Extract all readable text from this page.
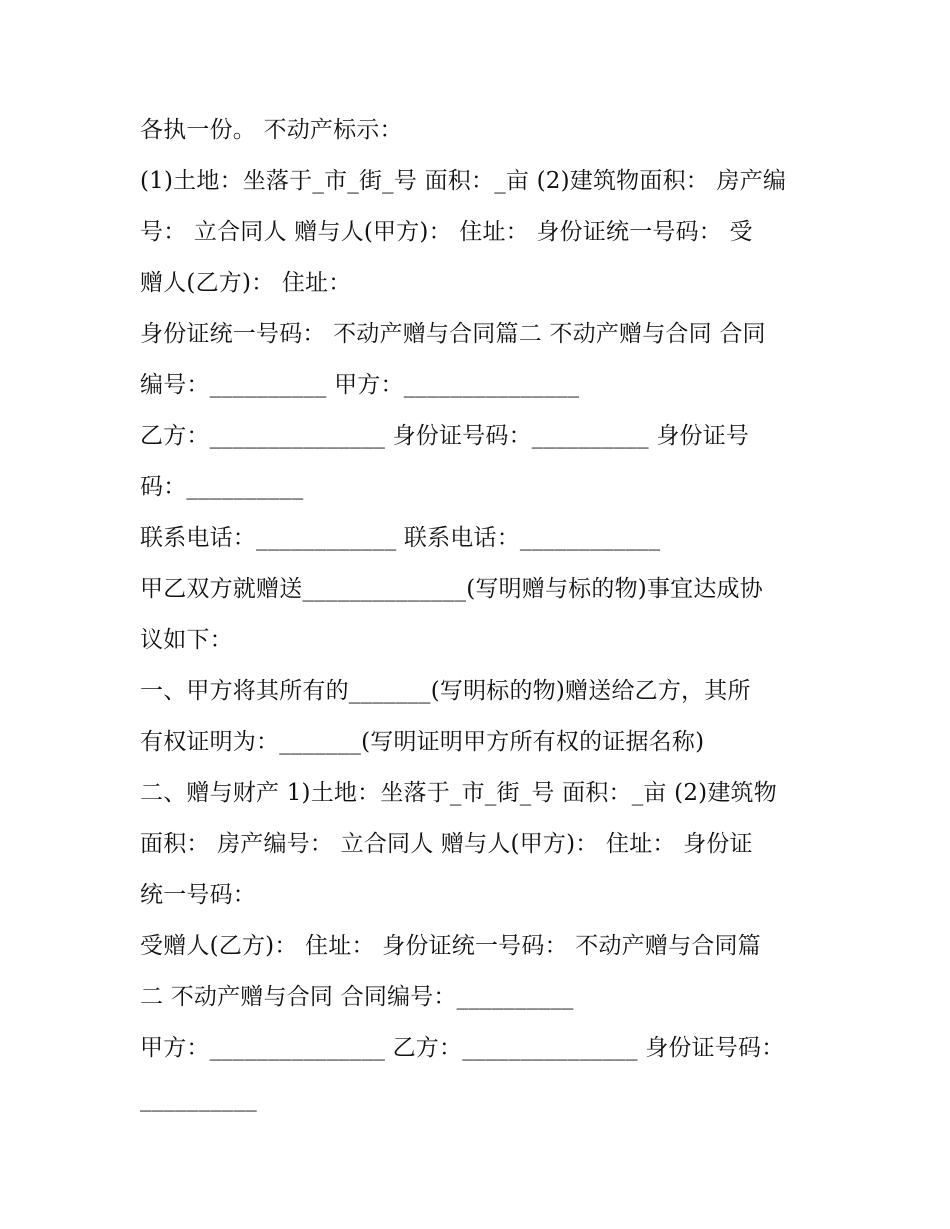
各执一份。 不动产标示：
(1)土地：坐落于_市_街_号 面积：_亩 (2)建筑物面积： 房产编
号： 立合同人 赠与人(甲方)： 住址： 身份证统一号码： 受
赠人(乙方)： 住址：
身份证统一号码： 不动产赠与合同篇二 不动产赠与合同 合同
编号：__________ 甲方：_______________
乙方：_______________ 身份证号码：__________ 身份证号
码：__________
联系电话：____________ 联系电话：____________
甲乙双方就赠送______________(写明赠与标的物)事宜达成协
议如下：
一、甲方将其所有的_______(写明标的物)赠送给乙方，其所
有权证明为：_______(写明证明甲方所有权的证据名称)
二、赠与财产 1)土地：坐落于_市_街_号 面积：_亩 (2)建筑物
面积： 房产编号： 立合同人 赠与人(甲方)： 住址： 身份证
统一号码：
受赠人(乙方)： 住址： 身份证统一号码： 不动产赠与合同篇
二 不动产赠与合同 合同编号：__________
甲方：_______________ 乙方：_______________ 身份证号码：
__________
